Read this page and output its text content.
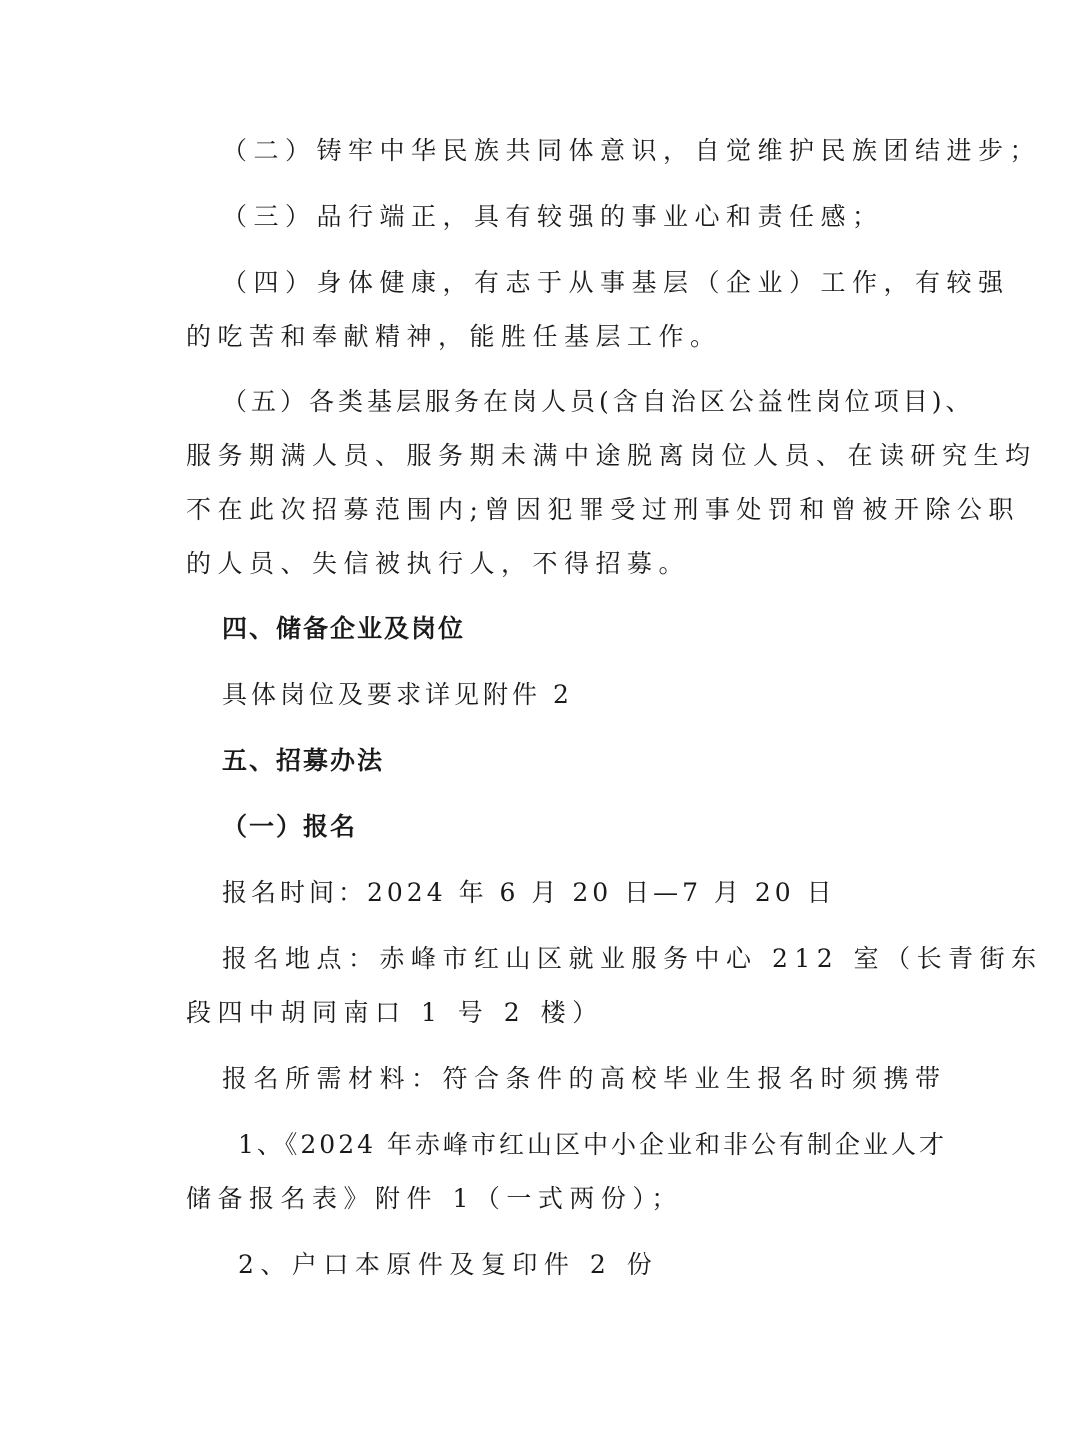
（二）铸牢中华民族共同体意识，自觉维护民族团结进步；
（三）品行端正，具有较强的事业心和责任感；
（四）身体健康，有志于从事基层（企业）工作，有较强
的吃苦和奉献精神，能胜任基层工作。
（五）各类基层服务在岗人员(含自治区公益性岗位项目)、
服务期满人员、服务期未满中途脱离岗位人员、在读研究生均
不在此次招募范围内;曾因犯罪受过刑事处罚和曾被开除公职
的人员、失信被执行人，不得招募。
四、储备企业及岗位
具体岗位及要求详见附件 2
五、招募办法
（一）报名
报名时间：2024 年 6 月 20 日—7 月 20 日
报名地点：赤峰市红山区就业服务中心 212 室（长青街东
段四中胡同南口 1 号 2 楼）
报名所需材料：符合条件的高校毕业生报名时须携带
1、《2024 年赤峰市红山区中小企业和非公有制企业人才
储备报名表》附件 1（一式两份）；
2、户口本原件及复印件 2 份
